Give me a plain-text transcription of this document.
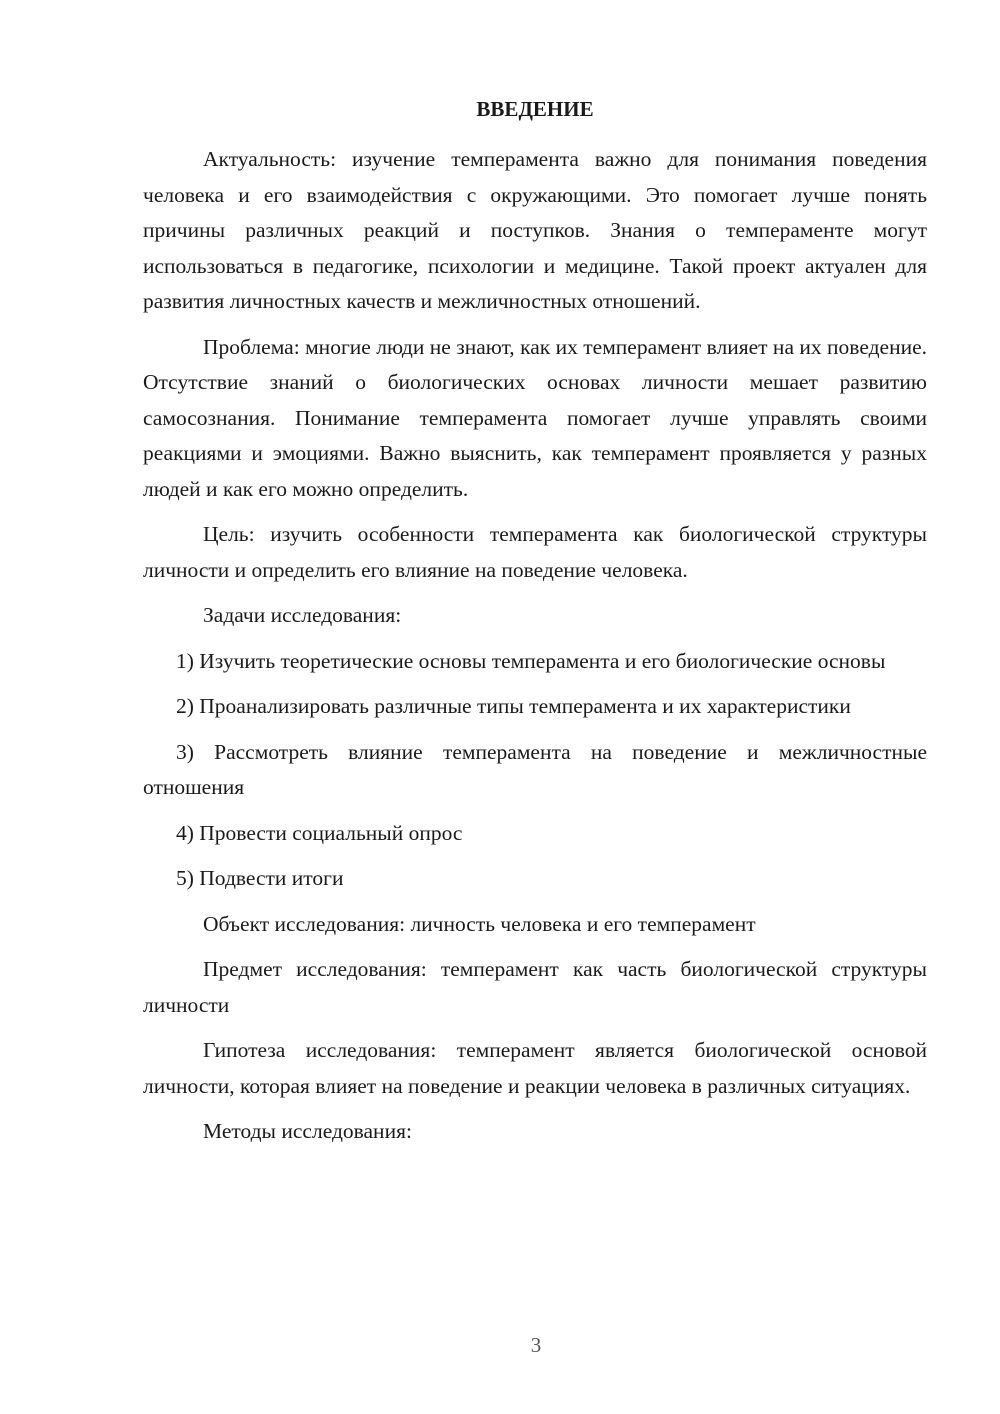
ВВЕДЕНИЕ

Актуальность: изучение темперамента важно для понимания поведения человека и его взаимодействия с окружающими. Это помогает лучше понять причины различных реакций и поступков. Знания о темпераменте могут использоваться в педагогике, психологии и медицине. Такой проект актуален для развития личностных качеств и межличностных отношений.

Проблема: многие люди не знают, как их темперамент влияет на их поведение. Отсутствие знаний о биологических основах личности мешает развитию самосознания. Понимание темперамента помогает лучше управлять своими реакциями и эмоциями. Важно выяснить, как темперамент проявляется у разных людей и как его можно определить.

Цель: изучить особенности темперамента как биологической структуры личности и определить его влияние на поведение человека.

Задачи исследования:

1) Изучить теоретические основы темперамента и его биологические основы

2) Проанализировать различные типы темперамента и их характеристики

3) Рассмотреть влияние темперамента на поведение и межличностные отношения

4) Провести социальный опрос

5) Подвести итоги

Объект исследования: личность человека и его темперамент

Предмет исследования: темперамент как часть биологической структуры личности

Гипотеза исследования: темперамент является биологической основой личности, которая влияет на поведение и реакции человека в различных ситуациях.

Методы исследования:

3
